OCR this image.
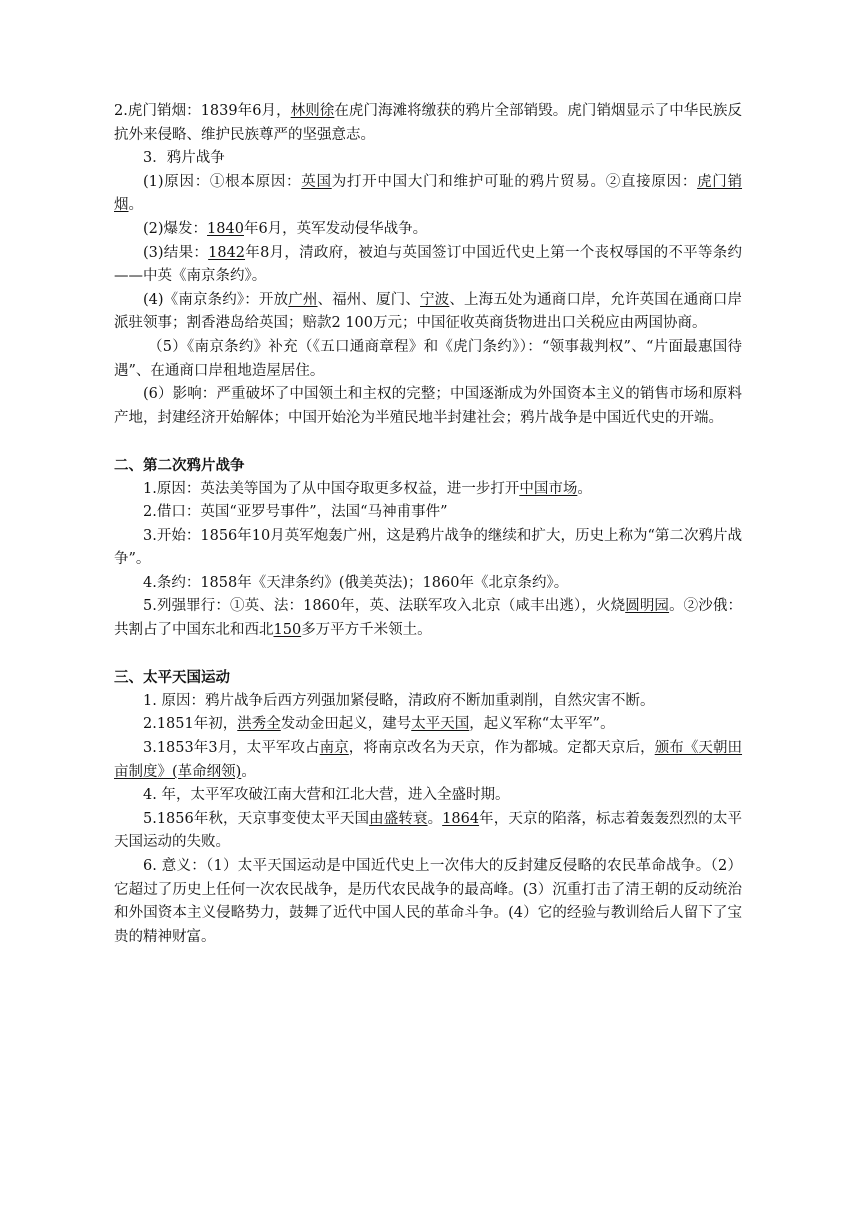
2.虎门销烟：1839年6月，林则徐在虎门海滩将缴获的鸦片全部销毁。虎门销烟显示了中华民族反抗外来侵略、维护民族尊严的坚强意志。

3．鸦片战争

(1)原因：①根本原因：英国为打开中国大门和维护可耻的鸦片贸易。②直接原因：虎门销烟。

(2)爆发：1840年6月，英军发动侵华战争。

(3)结果：1842年8月，清政府，被迫与英国签订中国近代史上第一个丧权辱国的不平等条约——中英《南京条约》。

(4)《南京条约》：开放广州、福州、厦门、宁波、上海五处为通商口岸，允许英国在通商口岸派驻领事；割香港岛给英国；赔款2 100万元；中国征收英商货物进出口关税应由两国协商。

（5）《南京条约》补充（《五口通商章程》和《虎门条约》）：“领事裁判权”、“片面最惠国待遇”、在通商口岸租地造屋居住。

(6）影响：严重破坏了中国领土和主权的完整；中国逐渐成为外国资本主义的销售市场和原料产地，封建经济开始解体；中国开始沦为半殖民地半封建社会；鸦片战争是中国近代史的开端。

二、第二次鸦片战争

1.原因：英法美等国为了从中国夺取更多权益，进一步打开中国市场。

2.借口：英国“亚罗号事件”，法国“马神甫事件”

3.开始：1856年10月英军炮轰广州，这是鸦片战争的继续和扩大，历史上称为“第二次鸦片战争”。

4.条约：1858年《天津条约》(俄美英法)；1860年《北京条约》。

5.列强罪行：①英、法：1860年，英、法联军攻入北京（咸丰出逃），火烧圆明园。②沙俄：共割占了中国东北和西北150多万平方千米领土。

三、太平天国运动

1. 原因：鸦片战争后西方列强加紧侵略，清政府不断加重剥削，自然灾害不断。

2.1851年初，洪秀全发动金田起义，建号太平天国，起义军称“太平军”。

3.1853年3月，太平军攻占南京，将南京改名为天京，作为都城。定都天京后，颁布《天朝田亩制度》(革命纲领)。

4. 年，太平军攻破江南大营和江北大营，进入全盛时期。

5.1856年秋，天京事变使太平天国由盛转衰。1864年，天京的陷落，标志着轰轰烈烈的太平天国运动的失败。

6. 意义：（1）太平天国运动是中国近代史上一次伟大的反封建反侵略的农民革命战争。（2）它超过了历史上任何一次农民战争，是历代农民战争的最高峰。(3）沉重打击了清王朝的反动统治和外国资本主义侵略势力，鼓舞了近代中国人民的革命斗争。(4）它的经验与教训给后人留下了宝贵的精神财富。
